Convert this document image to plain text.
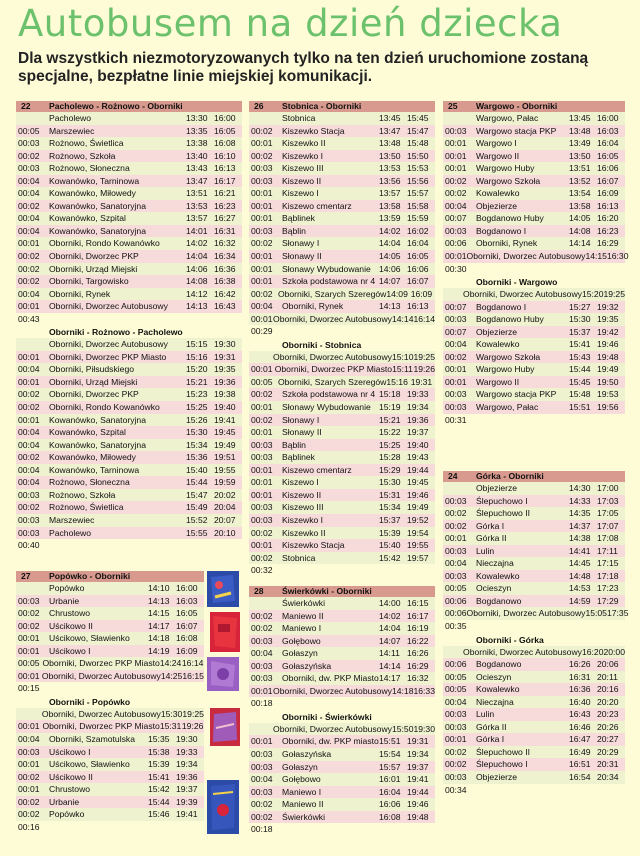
Autobusem na dzień dziecka
Dla wszystkich niezmotoryzowanych tylko na ten dzień uruchomione zostaną specjalne, bezpłatne linie miejskiej komunikacji.
22	Pacholewo - Rożnowo - Oborniki
Pacholewo	13:30 16:00
00:05	Marszewiec	13:35 16:05
00:03	Rożnowo, Świetlica	13:38 16:08
00:02	Rożnowo, Szkoła	13:40 16:10
00:03	Rożnowo, Słoneczna	13:43 16:13
00:04	Kowanówko, Tarninowa	13:47 16:17
00:04	Kowanówko, Miłowedy	13:51 16:21
00:02	Kowanówko, Sanatoryjna	13:53 16:23
00:04	Kowanówko, Szpital	13:57 16:27
00:04	Kowanówko, Sanatoryjna	14:01 16:31
00:01	Oborniki, Rondo Kowanówko	14:02 16:32
00:02	Oborniki, Dworzec PKP	14:04 16:34
00:02	Oborniki, Urząd Miejski	14:06 16:36
00:02	Oborniki, Targowisko	14:08 16:38
00:04	Oborniki, Rynek	14:12 16:42
00:01	Oborniki, Dworzec Autobusowy	14:13 16:43
00:43
Oborniki - Rożnowo - Pacholewo
Oborniki, Dworzec Autobusowy	15:15 19:30
00:01	Oborniki, Dworzec PKP Miasto	15:16 19:31
00:04	Oborniki, Piłsudskiego	15:20 19:35
00:01	Oborniki, Urząd Miejski	15:21 19:36
00:02	Oborniki, Dworzec PKP	15:23 19:38
00:02	Oborniki, Rondo Kowanówko	15:25 19:40
00:01	Kowanówko, Sanatoryjna	15:26 19:41
00:04	Kowanówko, Szpital	15:30 19:45
00:04	Kowanówko, Sanatoryjna	15:34 19:49
00:02	Kowanówko, Miłowedy	15:36 19:51
00:04	Kowanówko, Tarninowa	15:40 19:55
00:04	Rożnowo, Słoneczna	15:44 19:59
00:03	Rożnowo, Szkoła	15:47 20:02
00:02	Rożnowo, Świetlica	15:49 20:04
00:03	Marszewiec	15:52 20:07
00:03	Pacholewo	15:55 20:10
00:40
26	Stobnica - Oborniki
Stobnica	13:45 15:45
00:02	Kiszewko Stacja	13:47 15:47
00:01	Kiszewko II	13:48 15:48
00:02	Kiszewko I	13:50 15:50
00:03	Kiszewo III	13:53 15:53
00:03	Kiszewo II	13:56 15:56
00:01	Kiszewo I	13:57 15:57
00:01	Kiszewo cmentarz	13:58 15:58
00:01	Bąblinek	13:59 15:59
00:03	Bąblin	14:02 16:02
00:02	Słonawy I	14:04 16:04
00:01	Słonawy II	14:05 16:05
00:01	Słonawy Wybudowanie 14:06 16:06
00:01	Szkoła podstawowa nr 4 14:07 16:07
00:02 Oborniki, Szarych Szeregów 14:09 16:09
00:04	Oborniki, Rynek	14:13 16:13
00:01 Oborniki, Dworzec Autobusowy 14:14 16:14
00:29
Oborniki - Stobnica
Oborniki, Dworzec Autobusowy 15:10 19:25
00:01 Oborniki, Dworzec PKP Miasto 15:11 19:26
00:05 Oborniki, Szarych Szeregów 15:16 19:31
00:02	Szkoła podstawowa nr 4 15:18 19:33
00:01	Słonawy Wybudowanie 15:19 19:34
00:02	Słonawy I	15:21 19:36
00:01	Słonawy II	15:22 19:37
00:03	Bąblin	15:25 19:40
00:03	Bąblinek	15:28 19:43
00:01	Kiszewo cmentarz	15:29 19:44
00:01	Kiszewo I	15:30 19:45
00:01	Kiszewo II	15:31 19:46
00:03	Kiszewo III	15:34 19:49
00:03	Kiszewko I	15:37 19:52
00:02	Kiszewko II	15:39 19:54
00:01	Kiszewko Stacja	15:40 19:55
00:02	Stobnica	15:42 19:57
00:32
25	Wargowo - Oborniki
Wargowo, Pałac	13:45 16:00
00:03	Wargowo stacja PKP	13:48 16:03
00:01	Wargowo I	13:49 16:04
00:01	Wargowo II	13:50 16:05
00:01	Wargowo Huby	13:51 16:06
00:02	Wargowo Szkoła	13:52 16:07
00:02	Kowalewko	13:54 16:09
00:04	Objezierze	13:58 16:13
00:07	Bogdanowo Huby	14:05 16:20
00:03	Bogdanowo I	14:08 16:23
00:06	Oborniki, Rynek	14:14 16:29
00:01 Oborniki, Dworzec Autobusowy 14:15 16:30
00:30
Oborniki - Wargowo
Oborniki, Dworzec Autobusowy 15:20 19:25
00:07	Bogdanowo I	15:27 19:32
00:03	Bogdanowo Huby	15:30 19:35
00:07	Objezierze	15:37 19:42
00:04	Kowalewko	15:41 19:46
00:02	Wargowo Szkoła	15:43 19:48
00:01	Wargowo Huby	15:44 19:49
00:01	Wargowo II	15:45 19:50
00:03	Wargowo stacja PKP	15:48 19:53
00:03	Wargowo, Pałac	15:51 19:56
00:31
24	Górka - Oborniki
Objezierze	14:30 17:00
00:03	Ślepuchowo I	14:33 17:03
00:02	Ślepuchowo II	14:35 17:05
00:02	Górka I	14:37 17:07
00:01	Górka II	14:38 17:08
00:03	Lulin	14:41 17:11
00:04	Nieczajna	14:45 17:15
00:03	Kowalewko	14:48 17:18
00:05	Ocieszyn	14:53 17:23
00:06	Bogdanowo	14:59 17:29
00:06 Oborniki, Dworzec Autobusowy 15:05 17:35
00:35
Oborniki - Górka
Oborniki, Dworzec Autobusowy 16:20 20:00
00:06	Bogdanowo	16:26 20:06
00:05	Ocieszyn	16:31 20:11
00:05	Kowalewko	16:36 20:16
00:04	Nieczajna	16:40 20:20
00:03	Lulin	16:43 20:23
00:03	Górka II	16:46 20:26
00:01	Górka I	16:47 20:27
00:02	Ślepuchowo II	16:49 20:29
00:02	Ślepuchowo I	16:51 20:31
00:03	Objezierze	16:54 20:34
00:34
27	Popówko - Oborniki
Popówko	14:10 16:00
00:03	Urbanie	14:13 16:03
00:02	Chrustowo	14:15 16:05
00:02	Uścikowo II	14:17 16:07
00:01	Uścikowo, Sławienko	14:18 16:08
00:01	Uścikowo I	14:19 16:09
00:05 Oborniki, Dworzec PKP Miasto 14:24 16:14
00:01 Oborniki, Dworzec Autobusowy 14:25 16:15
00:15
Oborniki - Popówko
Oborniki, Dworzec Autobusowy 15:30 19:25
00:01 Oborniki, Dworzec PKP Miasto 15:31 19:26
00:04	Oborniki, Szamotulska	15:35 19:30
00:03	Uścikowo I	15:38 19:33
00:01	Uścikowo, Sławienko	15:39 19:34
00:02	Uścikowo II	15:41 19:36
00:01	Chrustowo	15:42 19:37
00:02	Urbanie	15:44 19:39
00:02	Popówko	15:46 19:41
00:16
28	Świerkówki - Oborniki
Świerkówki	14:00 16:15
00:02	Maniewo II	14:02 16:17
00:02	Maniewo I	14:04 16:19
00:03	Gołębowo	14:07 16:22
00:04	Gołaszyn	14:11 16:26
00:03	Gołaszyńska	14:14 16:29
00:03	Oborniki, dw. PKP Miasto 14:17 16:32
00:01 Oborniki, Dworzec Autobusowy 14:18 16:33
00:18
Oborniki - Świerkówki
Oborniki, Dworzec Autobusowy 15:50 19:30
00:01	Oborniki, dw. PKP miasto 15:51 19:31
00:03	Gołaszyńska	15:54 19:34
00:03	Gołaszyn	15:57 19:37
00:04	Gołębowo	16:01 19:41
00:03	Maniewo I	16:04 19:44
00:02	Maniewo II	16:06 19:46
00:02	Świerkówki	16:08 19:48
00:18
